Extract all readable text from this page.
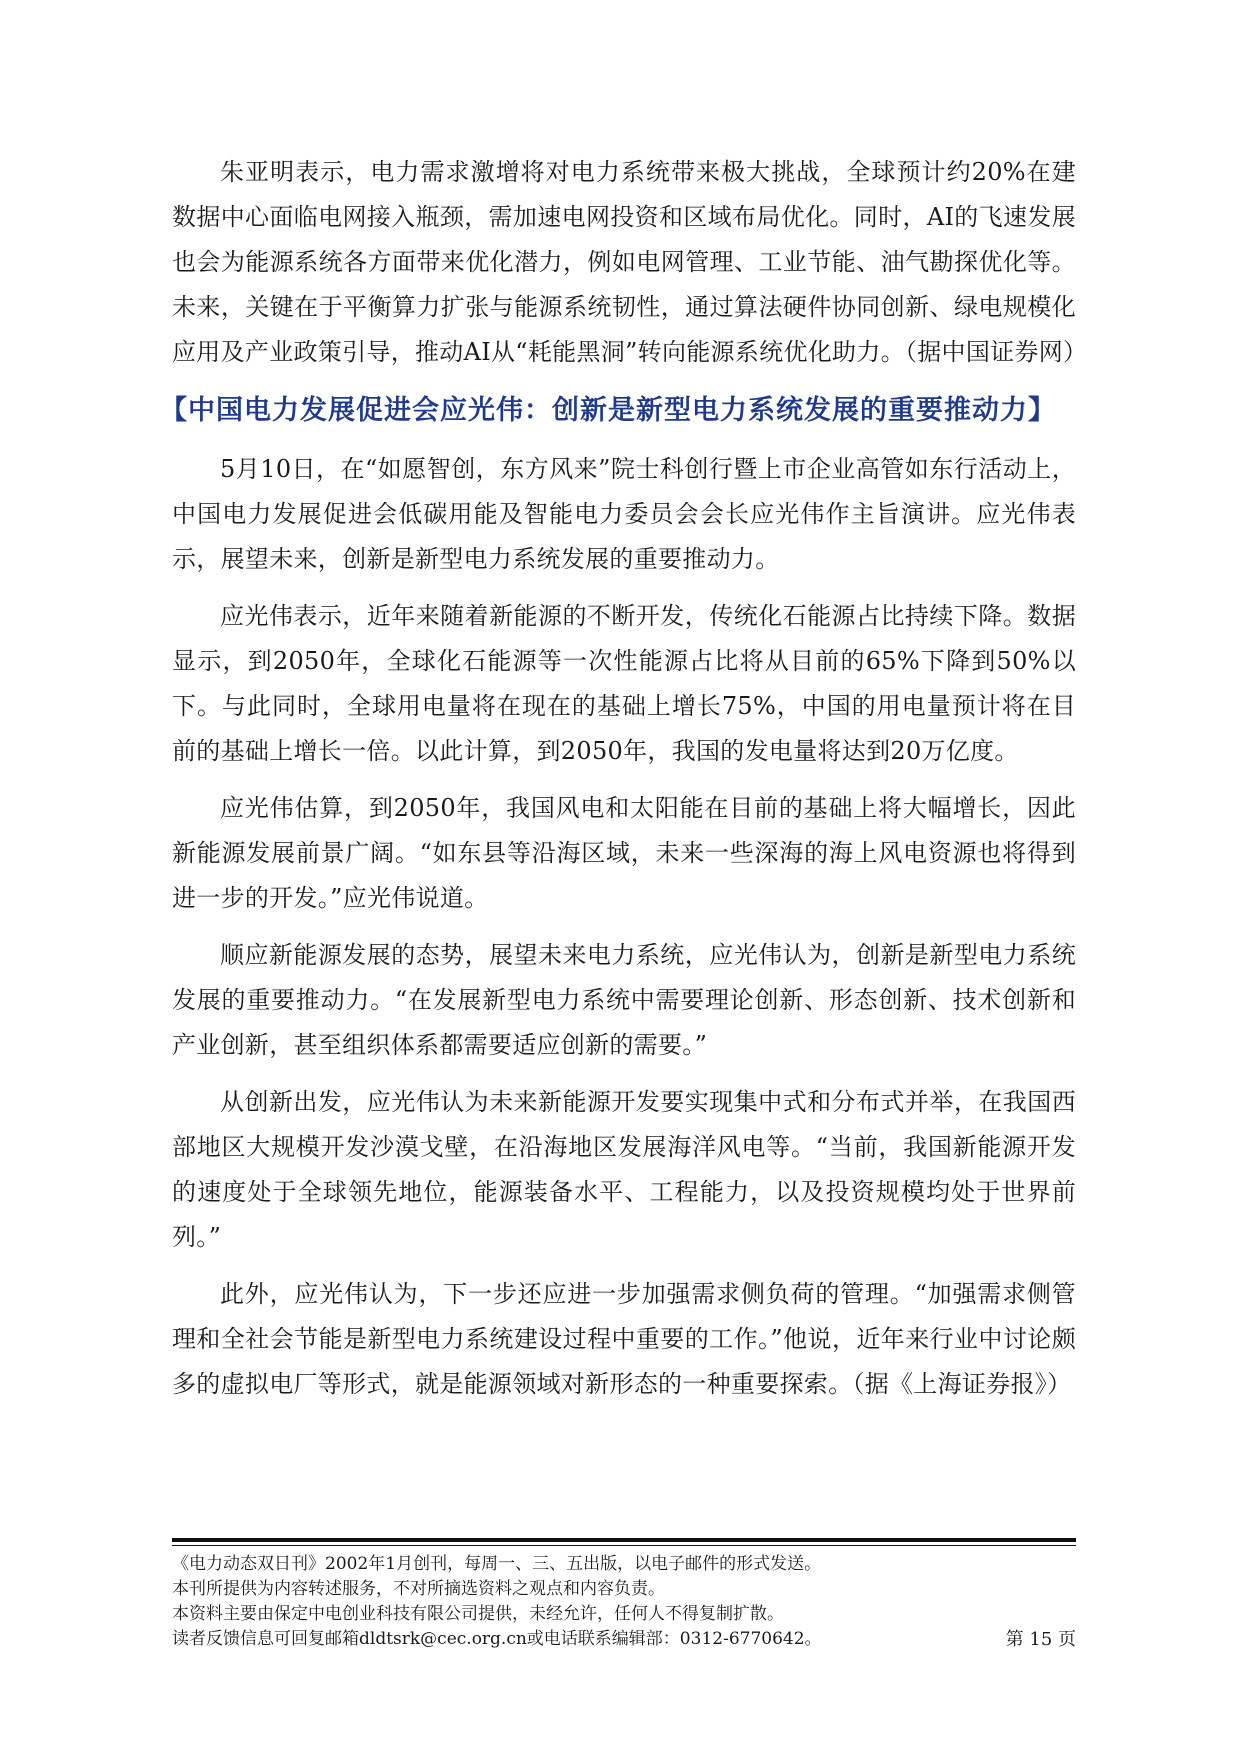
朱亚明表示，电力需求激增将对电力系统带来极大挑战，全球预计约20%在建数据中心面临电网接入瓶颈，需加速电网投资和区域布局优化。同时，AI的飞速发展也会为能源系统各方面带来优化潜力，例如电网管理、工业节能、油气勘探优化等。未来，关键在于平衡算力扩张与能源系统韧性，通过算法硬件协同创新、绿电规模化应用及产业政策引导，推动AI从“耗能黑洞”转向能源系统优化助力。（据中国证券网）

【中国电力发展促进会应光伟：创新是新型电力系统发展的重要推动力】

5月10日，在“如愿智创，东方风来”院士科创行暨上市企业高管如东行活动上，中国电力发展促进会低碳用能及智能电力委员会会长应光伟作主旨演讲。应光伟表示，展望未来，创新是新型电力系统发展的重要推动力。

应光伟表示，近年来随着新能源的不断开发，传统化石能源占比持续下降。数据显示，到2050年，全球化石能源等一次性能源占比将从目前的65%下降到50%以下。与此同时，全球用电量将在现在的基础上增长75%，中国的用电量预计将在目前的基础上增长一倍。以此计算，到2050年，我国的发电量将达到20万亿度。

应光伟估算，到2050年，我国风电和太阳能在目前的基础上将大幅增长，因此新能源发展前景广阔。“如东县等沿海区域，未来一些深海的海上风电资源也将得到进一步的开发。”应光伟说道。

顺应新能源发展的态势，展望未来电力系统，应光伟认为，创新是新型电力系统发展的重要推动力。“在发展新型电力系统中需要理论创新、形态创新、技术创新和产业创新，甚至组织体系都需要适应创新的需要。”

从创新出发，应光伟认为未来新能源开发要实现集中式和分布式并举，在我国西部地区大规模开发沙漠戈壁，在沿海地区发展海洋风电等。“当前，我国新能源开发的速度处于全球领先地位，能源装备水平、工程能力，以及投资规模均处于世界前列。”

此外，应光伟认为，下一步还应进一步加强需求侧负荷的管理。“加强需求侧管理和全社会节能是新型电力系统建设过程中重要的工作。”他说，近年来行业中讨论颇多的虚拟电厂等形式，就是能源领域对新形态的一种重要探索。（据《上海证券报》）

《电力动态双日刊》2002年1月创刊，每周一、三、五出版，以电子邮件的形式发送。

本刊所提供为内容转述服务，不对所摘选资料之观点和内容负责。

本资料主要由保定中电创业科技有限公司提供，未经允许，任何人不得复制扩散。

读者反馈信息可回复邮箱dldtsrk@cec.org.cn或电话联系编辑部：0312-6770642。	第 15 页
